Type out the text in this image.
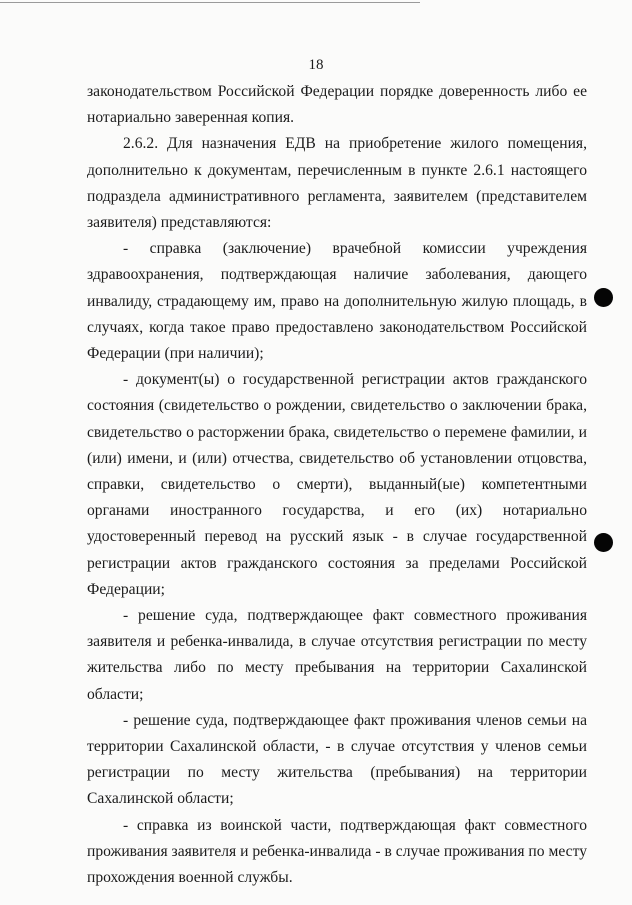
18

законодательством Российской Федерации порядке доверенность либо ее нотариально заверенная копия.

2.6.2. Для назначения ЕДВ на приобретение жилого помещения, дополнительно к документам, перечисленным в пункте 2.6.1 настоящего подраздела административного регламента, заявителем (представителем заявителя) представляются:

- справка (заключение) врачебной комиссии учреждения здравоохранения, подтверждающая наличие заболевания, дающего инвалиду, страдающему им, право на дополнительную жилую площадь, в случаях, когда такое право предоставлено законодательством Российской Федерации (при наличии);

- документ(ы) о государственной регистрации актов гражданского состояния (свидетельство о рождении, свидетельство о заключении брака, свидетельство о расторжении брака, свидетельство о перемене фамилии, и (или) имени, и (или) отчества, свидетельство об установлении отцовства, справки, свидетельство о смерти), выданный(ые) компетентными органами иностранного государства, и его (их) нотариально удостоверенный перевод на русский язык - в случае государственной регистрации актов гражданского состояния за пределами Российской Федерации;

- решение суда, подтверждающее факт совместного проживания заявителя и ребенка-инвалида, в случае отсутствия регистрации по месту жительства либо по месту пребывания на территории Сахалинской области;

- решение суда, подтверждающее факт проживания членов семьи на территории Сахалинской области, - в случае отсутствия у членов семьи регистрации по месту жительства (пребывания) на территории Сахалинской области;

- справка из воинской части, подтверждающая факт совместного проживания заявителя и ребенка-инвалида - в случае проживания по месту прохождения военной службы.
